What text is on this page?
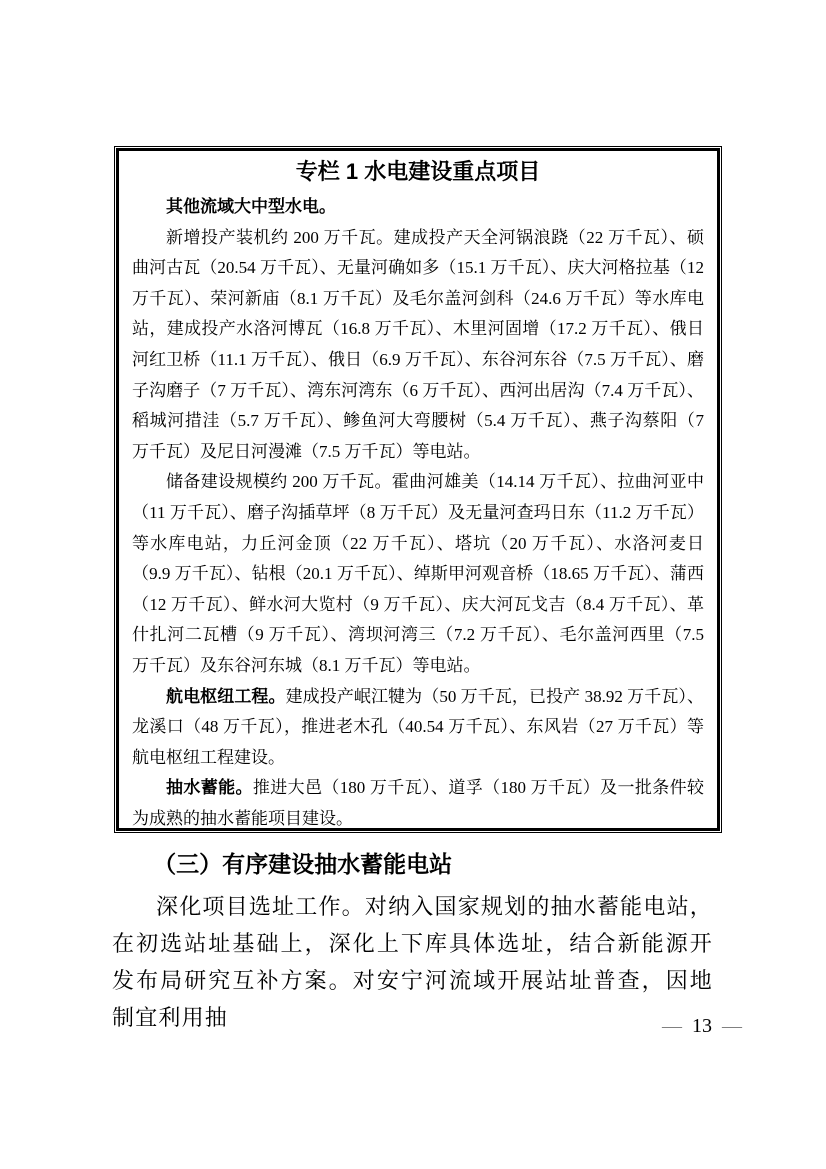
专栏 1 水电建设重点项目

其他流域大中型水电。

新增投产装机约 200 万千瓦。建成投产天全河锅浪跷（22 万千瓦）、硕曲河古瓦（20.54 万千瓦）、无量河确如多（15.1 万千瓦）、庆大河格拉基（12 万千瓦）、荣河新庙（8.1 万千瓦）及毛尔盖河剑科（24.6 万千瓦）等水库电站，建成投产水洛河博瓦（16.8 万千瓦）、木里河固增（17.2 万千瓦）、俄日河红卫桥（11.1 万千瓦）、俄日（6.9 万千瓦）、东谷河东谷（7.5 万千瓦）、磨子沟磨子（7 万千瓦）、湾东河湾东（6 万千瓦）、西河出居沟（7.4 万千瓦）、稻城河措洼（5.7 万千瓦）、鲹鱼河大弯腰树（5.4 万千瓦）、燕子沟蔡阳（7 万千瓦）及尼日河漫滩（7.5 万千瓦）等电站。

储备建设规模约 200 万千瓦。霍曲河雄美（14.14 万千瓦）、拉曲河亚中（11 万千瓦）、磨子沟插草坪（8 万千瓦）及无量河查玛日东（11.2 万千瓦）等水库电站，力丘河金顶（22 万千瓦）、塔坑（20 万千瓦）、水洛河麦日（9.9 万千瓦）、钻根（20.1 万千瓦）、绰斯甲河观音桥（18.65 万千瓦）、蒲西（12 万千瓦）、鲜水河大览村（9 万千瓦）、庆大河瓦戈吉（8.4 万千瓦）、革什扎河二瓦槽（9 万千瓦）、湾坝河湾三（7.2 万千瓦）、毛尔盖河西里（7.5 万千瓦）及东谷河东城（8.1 万千瓦）等电站。

航电枢纽工程。建成投产岷江犍为（50 万千瓦，已投产 38.92 万千瓦）、龙溪口（48 万千瓦），推进老木孔（40.54 万千瓦）、东风岩（27 万千瓦）等航电枢纽工程建设。

抽水蓄能。推进大邑（180 万千瓦）、道孚（180 万千瓦）及一批条件较为成熟的抽水蓄能项目建设。

（三）有序建设抽水蓄能电站

深化项目选址工作。对纳入国家规划的抽水蓄能电站，在初选站址基础上，深化上下库具体选址，结合新能源开发布局研究互补方案。对安宁河流域开展站址普查，因地制宜利用抽	— 13 —
